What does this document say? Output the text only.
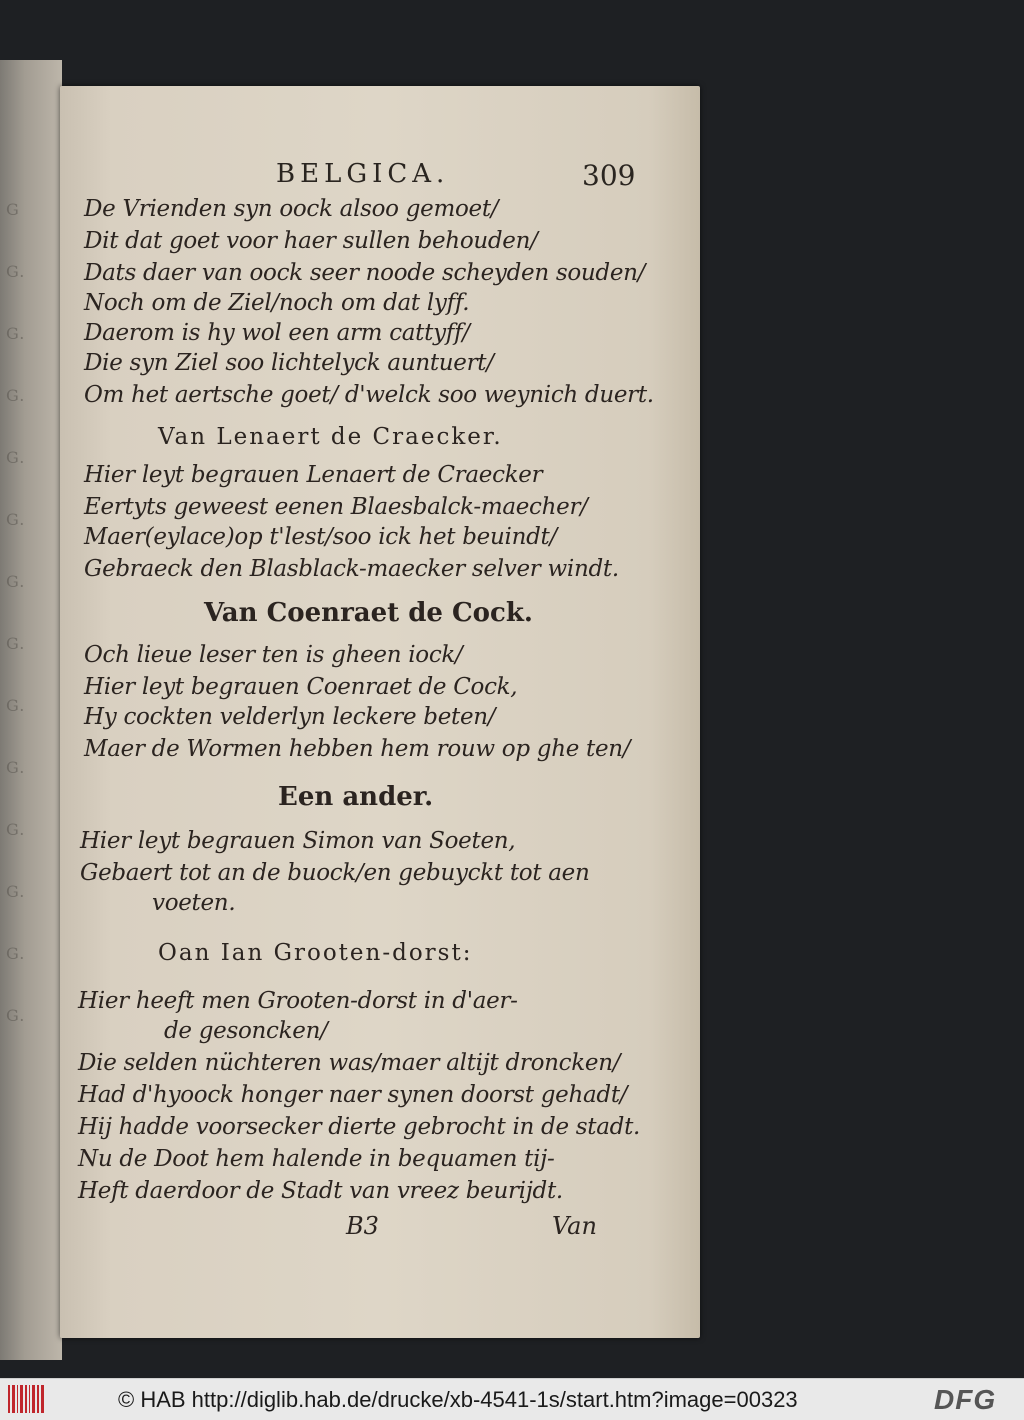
G
G.
G.
G.
G.
G.
G.
G.
G.
G.
G.
G.
G.
G.
BELGICA.	309
De Vrienden syn oock alsoo gemoet/
Dit dat goet voor haer sullen behouden/
Dats daer van oock seer noode scheyden souden/
Noch om de Ziel/noch om dat lyff.
Daerom is hy wol een arm cattyff/
Die syn Ziel soo lichtelyck auntuert/
Om het aertsche goet/ d'welck soo weynich duert.
Van Lenaert de Craecker.
Hier leyt begrauen Lenaert de Craecker
Eertyts geweest eenen Blaesbalck-maecher/
Maer(eylace)op t'lest/soo ick het beuindt/
Gebraeck den Blasblack-maecker selver windt.
Van Coenraet de Cock.
Och lieue leser ten is gheen iock/
Hier leyt begrauen Coenraet de Cock,
Hy cockten velderlyn leckere beten/
Maer de Wormen hebben hem rouw op ghe ten/
Een ander.
Hier leyt begrauen Simon van Soeten,
Gebaert tot an de buock/en gebuyckt tot aen
voeten.
Oan Ian Grooten-dorst:
Hier heeft men Grooten-dorst in d'aer-
de gesoncken/
Die selden nüchteren was/maer altijt droncken/
Had d'hyoock honger naer synen doorst gehadt/
Hij hadde voorsecker dierte gebrocht in de stadt.
Nu de Doot hem halende in bequamen tij-
Heft daerdoor de Stadt van vreez beurijdt.
B3	Van
© HAB http://diglib.hab.de/drucke/xb-4541-1s/start.htm?image=00323	DFG
